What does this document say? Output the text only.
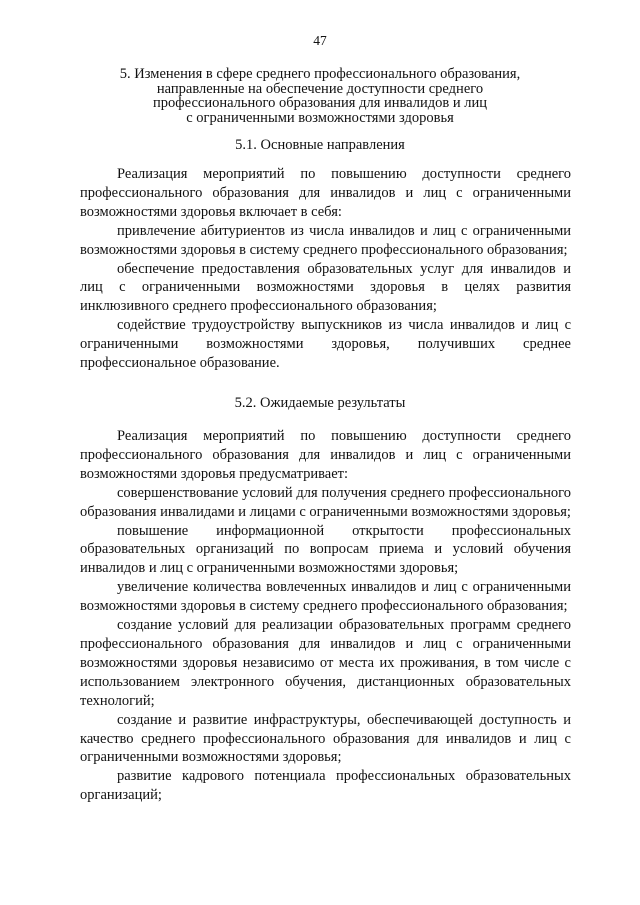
47
5. Изменения в сфере среднего профессионального образования,
направленные на обеспечение доступности среднего
профессионального образования для инвалидов и лиц
с ограниченными возможностями здоровья
5.1. Основные направления

Реализация мероприятий по повышению доступности среднего профессионального образования для инвалидов и лиц с ограниченными возможностями здоровья включает в себя:

привлечение абитуриентов из числа инвалидов и лиц с ограниченными возможностями здоровья в систему среднего профессионального образования;

обеспечение предоставления образовательных услуг для инвалидов и лиц с ограниченными возможностями здоровья в целях развития инклюзивного среднего профессионального образования;

содействие трудоустройству выпускников из числа инвалидов и лиц с ограниченными возможностями здоровья, получивших среднее профессиональное образование.

5.2. Ожидаемые результаты

Реализация мероприятий по повышению доступности среднего профессионального образования для инвалидов и лиц с ограниченными возможностями здоровья предусматривает:

совершенствование условий для получения среднего профессионального образования инвалидами и лицами с ограниченными возможностями здоровья;

повышение информационной открытости профессиональных образовательных организаций по вопросам приема и условий обучения инвалидов и лиц с ограниченными возможностями здоровья;

увеличение количества вовлеченных инвалидов и лиц с ограниченными возможностями здоровья в систему среднего профессионального образования;

создание условий для реализации образовательных программ среднего профессионального образования для инвалидов и лиц с ограниченными возможностями здоровья независимо от места их проживания, в том числе с использованием электронного обучения, дистанционных образовательных технологий;

создание и развитие инфраструктуры, обеспечивающей доступность и качество среднего профессионального образования для инвалидов и лиц с ограниченными возможностями здоровья;

развитие кадрового потенциала профессиональных образовательных организаций;
